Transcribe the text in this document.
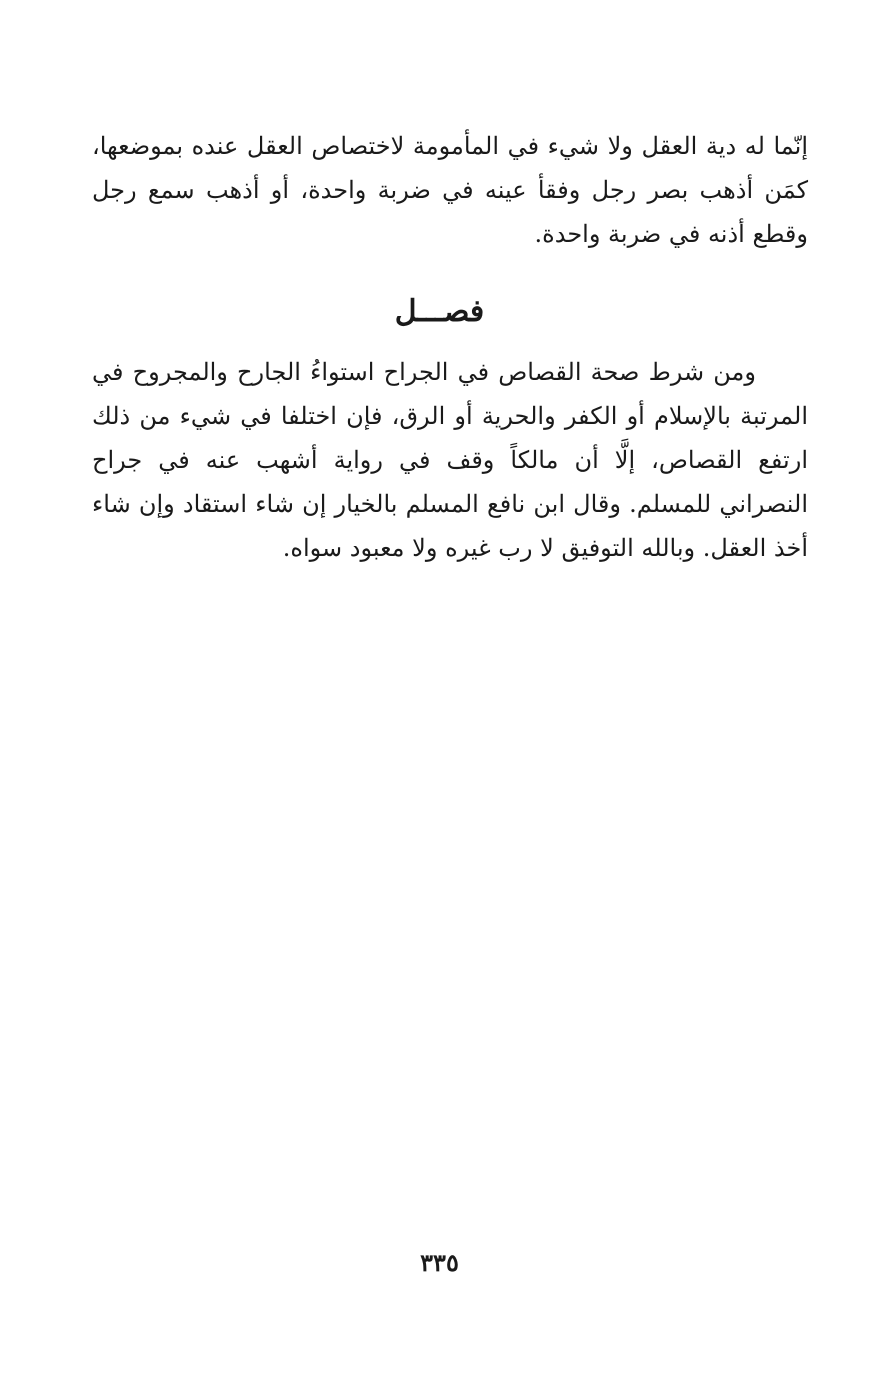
إنّما له دية العقل ولا شيء في المأمومة لاختصاص العقل عنده بموضعها، كمَن أذهب بصر رجل وفقأ عينه في ضربة واحدة، أو أذهب سمع رجل وقطع أذنه في ضربة واحدة.

فصـــل

ومن شرط صحة القصاص في الجراح استواءُ الجارح والمجروح في المرتبة بالإسلام أو الكفر والحرية أو الرق، فإن اختلفا في شيء من ذلك ارتفع القصاص، إلَّا أن مالكاً وقف في رواية أشهب عنه في جراح النصراني للمسلم. وقال ابن نافع المسلم بالخيار إن شاء استقاد وإن شاء أخذ العقل. وبالله التوفيق لا رب غيره ولا معبود سواه.

٣٣٥
